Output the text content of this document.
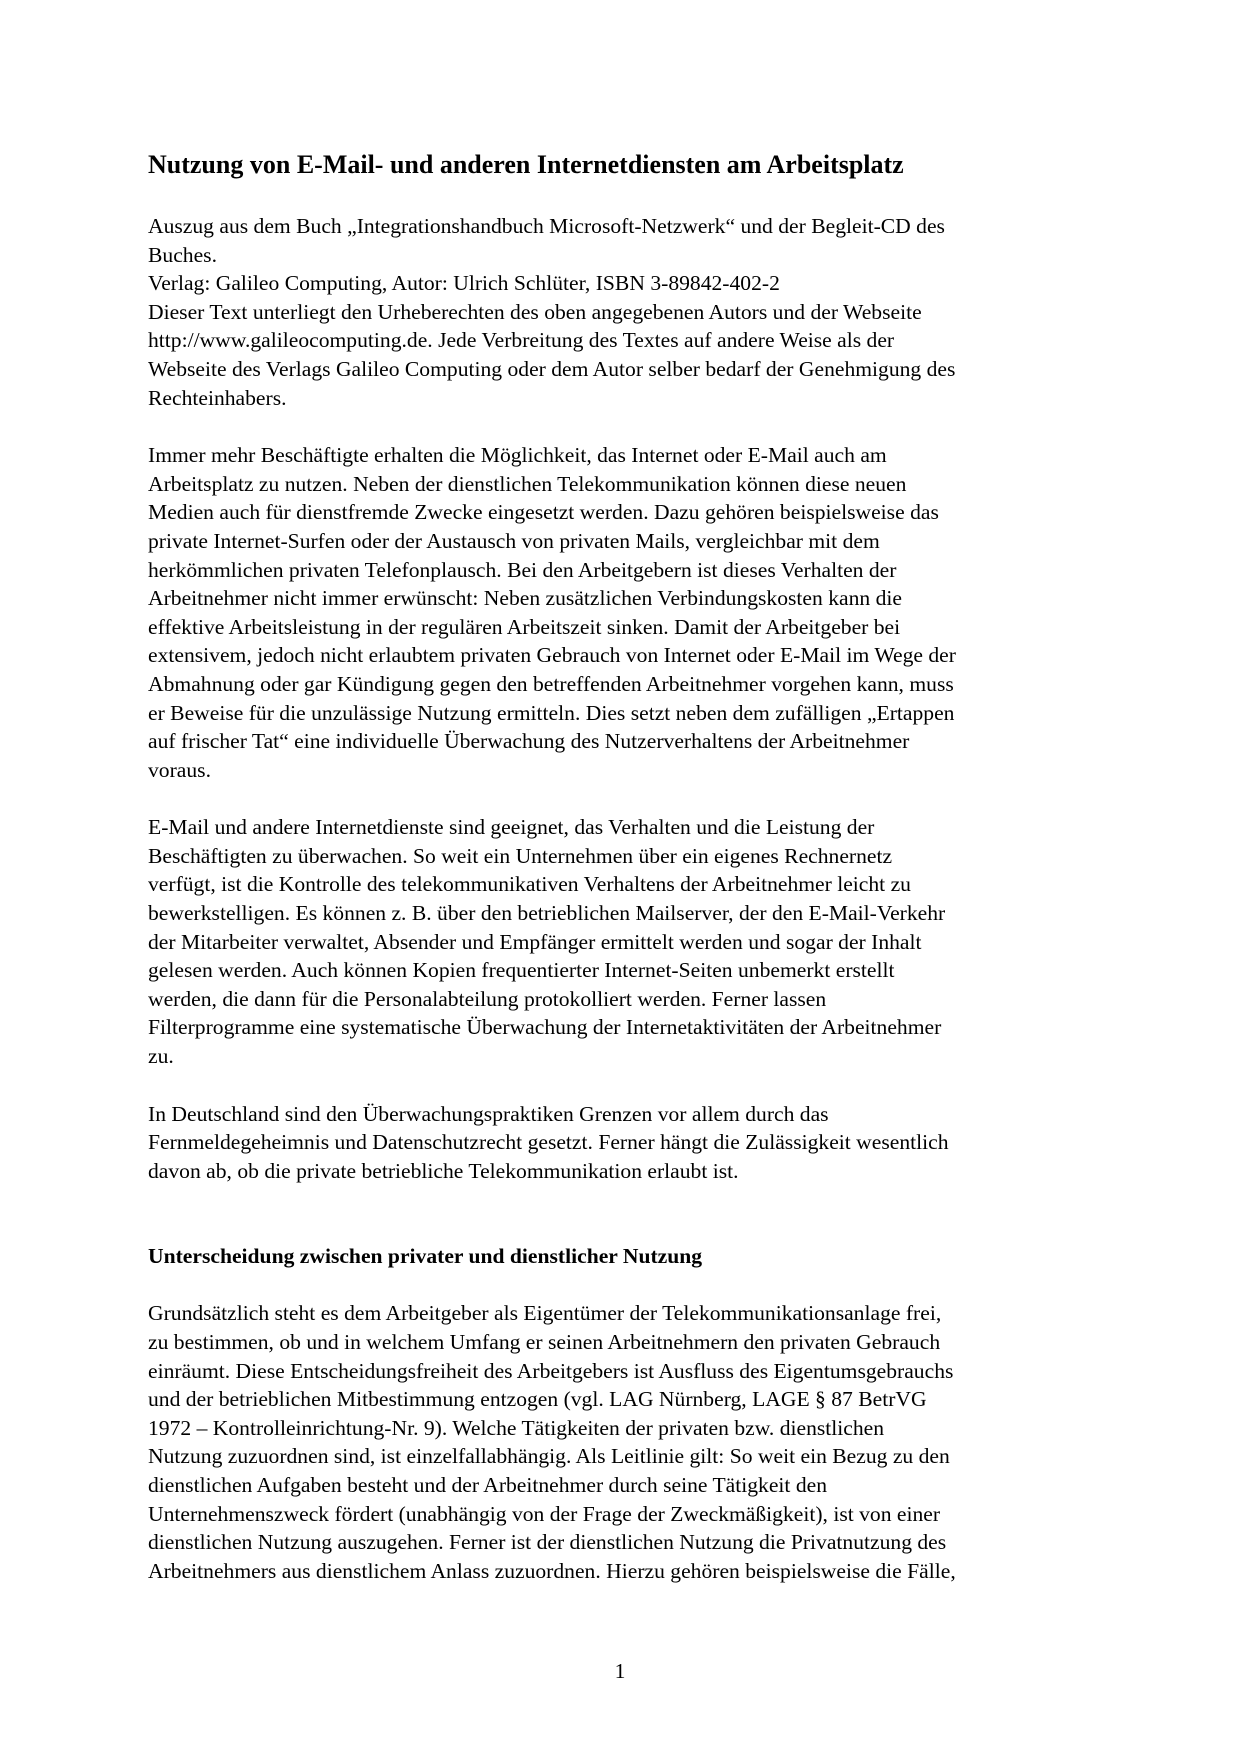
Nutzung von E-Mail- und anderen Internetdiensten am Arbeitsplatz

Auszug aus dem Buch „Integrationshandbuch Microsoft-Netzwerk“ und der Begleit-CD des

Buches.

Verlag: Galileo Computing, Autor: Ulrich Schlüter, ISBN 3-89842-402-2

Dieser Text unterliegt den Urheberechten des oben angegebenen Autors und der Webseite

http://www.galileocomputing.de. Jede Verbreitung des Textes auf andere Weise als der

Webseite des Verlags Galileo Computing oder dem Autor selber bedarf der Genehmigung des

Rechteinhabers.

Immer mehr Beschäftigte erhalten die Möglichkeit, das Internet oder E-Mail auch am

Arbeitsplatz zu nutzen. Neben der dienstlichen Telekommunikation können diese neuen

Medien auch für dienstfremde Zwecke eingesetzt werden. Dazu gehören beispielsweise das

private Internet-Surfen oder der Austausch von privaten Mails, vergleichbar mit dem

herkömmlichen privaten Telefonplausch. Bei den Arbeitgebern ist dieses Verhalten der

Arbeitnehmer nicht immer erwünscht: Neben zusätzlichen Verbindungskosten kann die

effektive Arbeitsleistung in der regulären Arbeitszeit sinken. Damit der Arbeitgeber bei

extensivem, jedoch nicht erlaubtem privaten Gebrauch von Internet oder E-Mail im Wege der

Abmahnung oder gar Kündigung gegen den betreffenden Arbeitnehmer vorgehen kann, muss

er Beweise für die unzulässige Nutzung ermitteln. Dies setzt neben dem zufälligen „Ertappen

auf frischer Tat“ eine individuelle Überwachung des Nutzerverhaltens der Arbeitnehmer

voraus.

E-Mail und andere Internetdienste sind geeignet, das Verhalten und die Leistung der

Beschäftigten zu überwachen. So weit ein Unternehmen über ein eigenes Rechnernetz

verfügt, ist die Kontrolle des telekommunikativen Verhaltens der Arbeitnehmer leicht zu

bewerkstelligen. Es können z. B. über den betrieblichen Mailserver, der den E-Mail-Verkehr

der Mitarbeiter verwaltet, Absender und Empfänger ermittelt werden und sogar der Inhalt

gelesen werden. Auch können Kopien frequentierter Internet-Seiten unbemerkt erstellt

werden, die dann für die Personalabteilung protokolliert werden. Ferner lassen

Filterprogramme eine systematische Überwachung der Internetaktivitäten der Arbeitnehmer

zu.

In Deutschland sind den Überwachungspraktiken Grenzen vor allem durch das

Fernmeldegeheimnis und Datenschutzrecht gesetzt. Ferner hängt die Zulässigkeit wesentlich

davon ab, ob die private betriebliche Telekommunikation erlaubt ist.

Unterscheidung zwischen privater und dienstlicher Nutzung

Grundsätzlich steht es dem Arbeitgeber als Eigentümer der Telekommunikationsanlage frei,

zu bestimmen, ob und in welchem Umfang er seinen Arbeitnehmern den privaten Gebrauch

einräumt. Diese Entscheidungsfreiheit des Arbeitgebers ist Ausfluss des Eigentumsgebrauchs

und der betrieblichen Mitbestimmung entzogen (vgl. LAG Nürnberg, LAGE § 87 BetrVG

1972 – Kontrolleinrichtung-Nr. 9). Welche Tätigkeiten der privaten bzw. dienstlichen

Nutzung zuzuordnen sind, ist einzelfallabhängig. Als Leitlinie gilt: So weit ein Bezug zu den

dienstlichen Aufgaben besteht und der Arbeitnehmer durch seine Tätigkeit den

Unternehmenszweck fördert (unabhängig von der Frage der Zweckmäßigkeit), ist von einer

dienstlichen Nutzung auszugehen. Ferner ist der dienstlichen Nutzung die Privatnutzung des

Arbeitnehmers aus dienstlichem Anlass zuzuordnen. Hierzu gehören beispielsweise die Fälle,

1
